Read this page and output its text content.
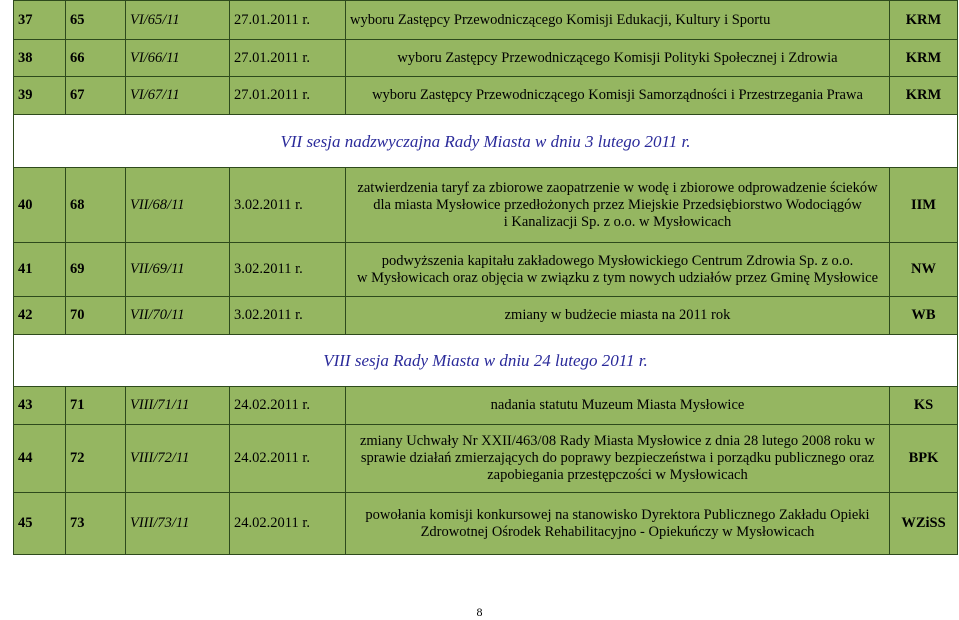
37	65	VI/65/11	27.01.2011 r.	wyboru Zastępcy Przewodniczącego Komisji Edukacji, Kultury i Sportu	KRM
38	66	VI/66/11	27.01.2011 r.	wyboru Zastępcy Przewodniczącego Komisji Polityki Społecznej i Zdrowia	KRM
39	67	VI/67/11	27.01.2011 r.	wyboru Zastępcy Przewodniczącego Komisji Samorządności i Przestrzegania Prawa	KRM
VII sesja nadzwyczajna Rady Miasta w dniu 3 lutego 2011 r.					
40	68	VII/68/11	3.02.2011 r.	zatwierdzenia taryf za zbiorowe zaopatrzenie w wodę i zbiorowe odprowadzenie ścieków
dla miasta Mysłowice przedłożonych przez Miejskie Przedsiębiorstwo Wodociągów
i Kanalizacji Sp. z o.o. w Mysłowicach	IIM
41	69	VII/69/11	3.02.2011 r.	podwyższenia kapitału zakładowego Mysłowickiego Centrum Zdrowia Sp. z o.o.
w Mysłowicach oraz objęcia w związku z tym nowych udziałów przez Gminę Mysłowice	NW
42	70	VII/70/11	3.02.2011 r.	zmiany w budżecie miasta na 2011 rok	WB
VIII sesja Rady Miasta w dniu 24 lutego 2011 r.					
43	71	VIII/71/11	24.02.2011 r.	nadania statutu Muzeum Miasta Mysłowice	KS
44	72	VIII/72/11	24.02.2011 r.	zmiany Uchwały Nr XXII/463/08 Rady Miasta Mysłowice z dnia 28 lutego 2008 roku w
sprawie działań zmierzających do poprawy bezpieczeństwa i porządku publicznego oraz
zapobiegania przestępczości w Mysłowicach	BPK
45	73	VIII/73/11	24.02.2011 r.	powołania komisji konkursowej na stanowisko Dyrektora Publicznego Zakładu Opieki
Zdrowotnej Ośrodek Rehabilitacyjno - Opiekuńczy w Mysłowicach	WZiSS
8
